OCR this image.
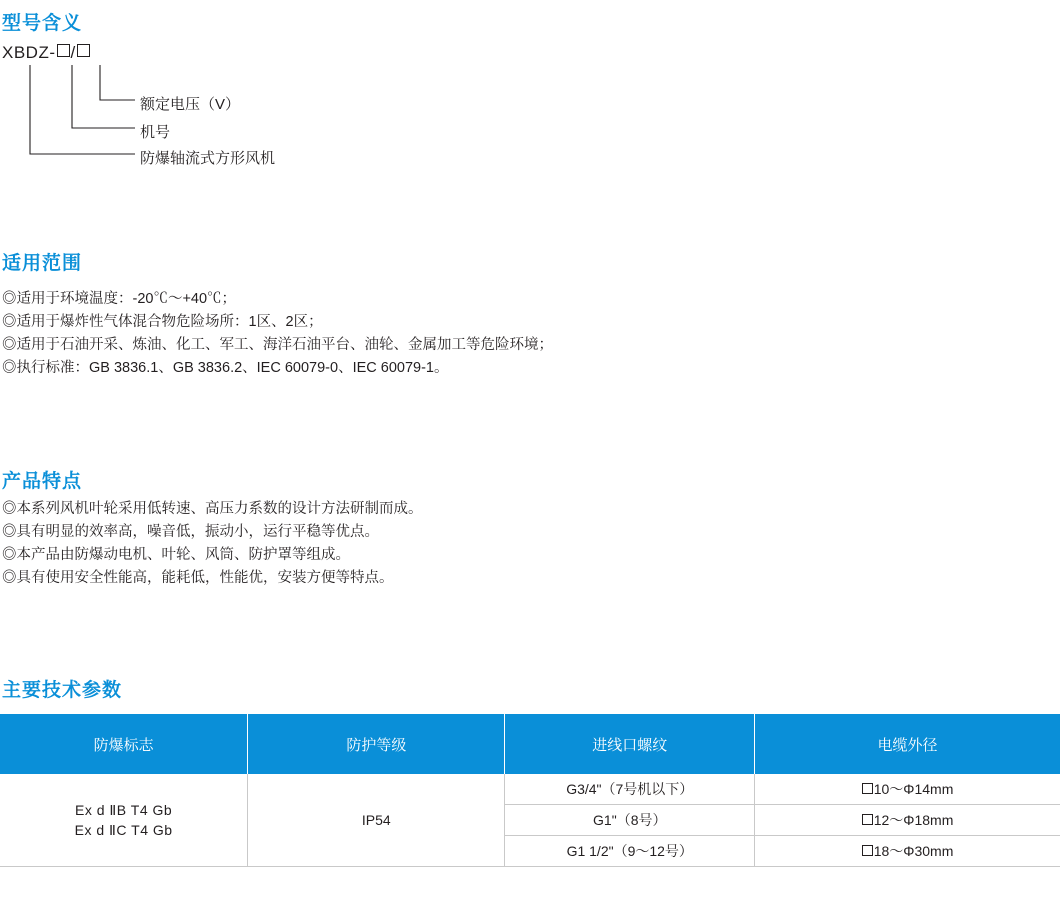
型号含义
XBDZ- /
额定电压（V）
机号
防爆轴流式方形风机
适用范围
◎适用于环境温度：-20℃～+40℃；
◎适用于爆炸性气体混合物危险场所：1区、2区；
◎适用于石油开采、炼油、化工、军工、海洋石油平台、油轮、金属加工等危险环境；
◎执行标准：GB 3836.1、GB 3836.2、IEC 60079-0、IEC 60079-1。
产品特点
◎本系列风机叶轮采用低转速、高压力系数的设计方法研制而成。
◎具有明显的效率高，噪音低，振动小，运行平稳等优点。
◎本产品由防爆动电机、叶轮、风筒、防护罩等组成。
◎具有使用安全性能高，能耗低，性能优，安装方便等特点。
主要技术参数
防爆标志	防护等级	进线口螺纹	电缆外径

Ex d ⅡB T4 Gb
Ex d ⅡC T4 Gb	IP54	G3/4"（7号机以下）	10～Φ14mm
		G1"（8号）	12～Φ18mm
		G1 1/2"（9～12号）	18～Φ30mm
